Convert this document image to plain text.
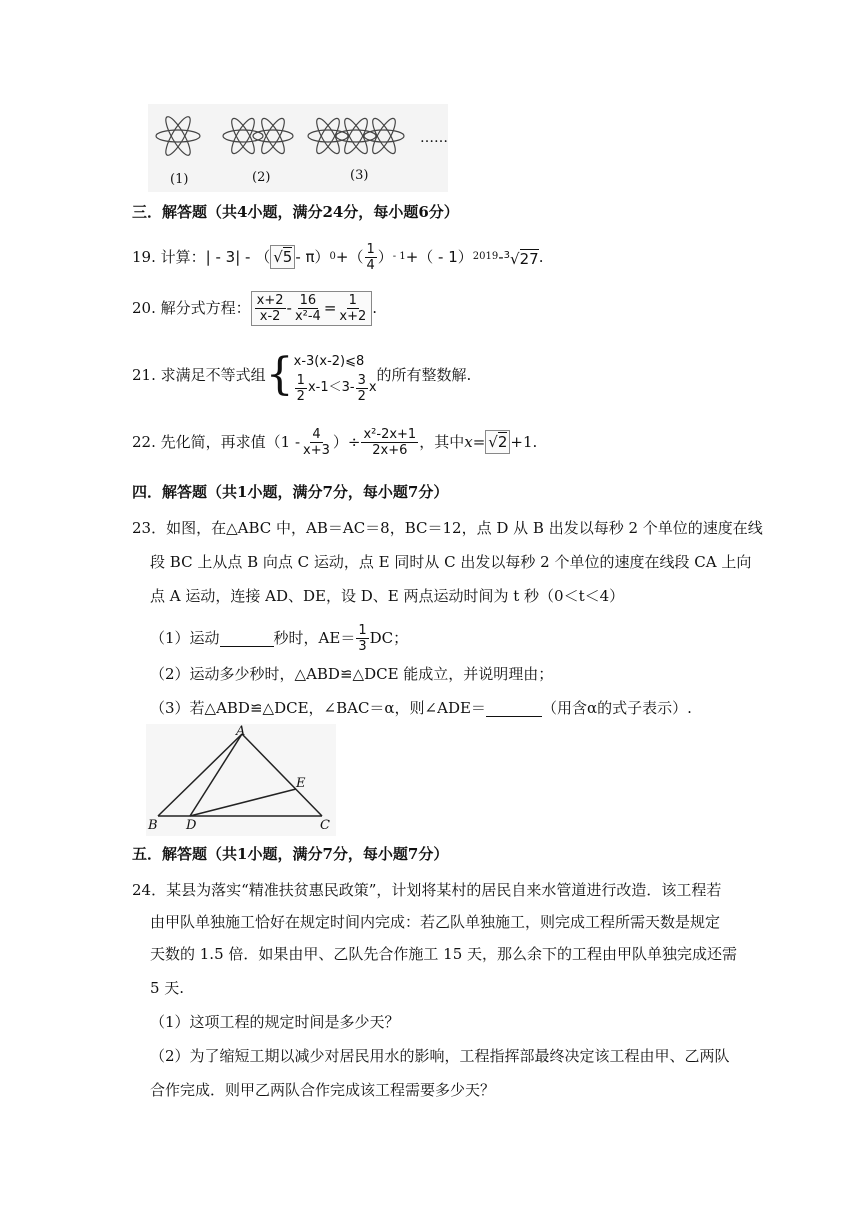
……
(1)	(2)	(3)
三．解答题（共4小题，满分24分，每小题6分）
19.
计算： | - 3| - （ √5 - π） 0 +（ $\frac{1}{4}$ ） - 1 +（ - 1） 2019 - $^3$√27 .
20.
解分式方程： $\frac{x+2}{x-2} - \frac{16}{\text{x²-4}} = \frac{1}{x+2}$ .
21.
求满足不等式组 { x-3(x-2)⩽8
$\frac{1}{2} x-1<3- \frac{3}{2}$ x
的所有整数解.
22.
先化简，再求值（$1 - \frac{4}{x+3}$ ）÷ $\frac{\text{x²-2x+1}}{2x+6}$ ，其中 x = √2 +1.
四．解答题（共1小题，满分7分，每小题7分）
23．如图，在△ABC 中，AB＝AC＝8，BC＝12，点 D 从 B 出发以每秒 2 个单位的速度在线
段 BC 上从点 B 向点 C 运动，点 E 同时从 C 出发以每秒 2 个单位的速度在线段 CA 上向
点 A 运动，连接 AD、DE，设 D、E 两点运动时间为 t 秒（0＜t＜4）
（1）运动	秒时，$AE= \frac{1}{3}$ DC；
（2）运动多少秒时，△ABD≌△DCE 能成立，并说明理由；
（3）若△ABD≌△DCE，∠BAC＝α，则∠ADE＝	（用含α的式子表示）.
A
B D	C
E
五．解答题（共1小题，满分7分，每小题7分）
24．某县为落实“精准扶贫惠民政策”，计划将某村的居民自来水管道进行改造．该工程若
由甲队单独施工恰好在规定时间内完成：若乙队单独施工，则完成工程所需天数是规定
天数的 1.5 倍．如果由甲、乙队先合作施工 15 天，那么余下的工程由甲队单独完成还需
5 天.
（1）这项工程的规定时间是多少天？
（2）为了缩短工期以减少对居民用水的影响，工程指挥部最终决定该工程由甲、乙两队
合作完成．则甲乙两队合作完成该工程需要多少天？
